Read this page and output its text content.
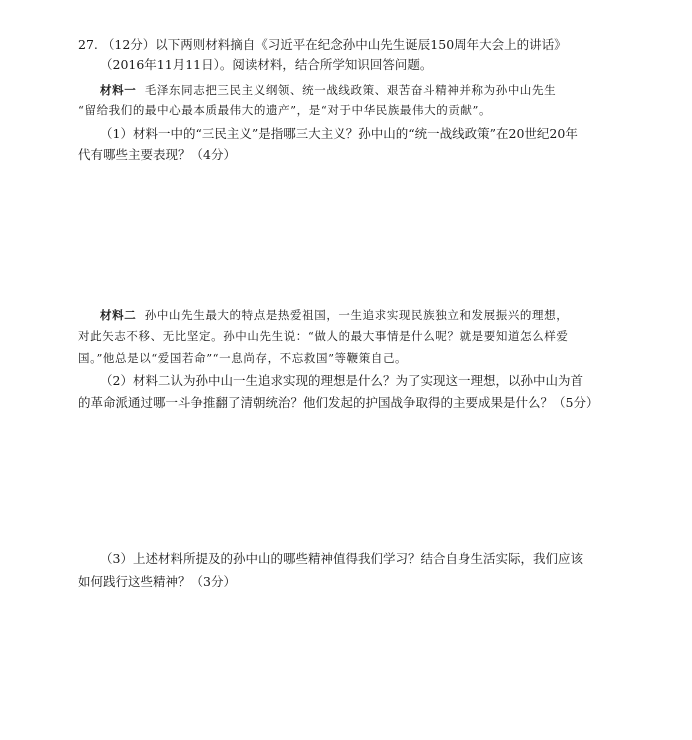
27. （12分）以下两则材料摘自《习近平在纪念孙中山先生诞辰150周年大会上的讲话》
（2016年11月11日）。阅读材料，结合所学知识回答问题。
材料一 毛泽东同志把三民主义纲领、统一战线政策、艰苦奋斗精神并称为孙中山先生
“留给我们的最中心最本质最伟大的遗产”，是“对于中华民族最伟大的贡献”。
（1）材料一中的“三民主义”是指哪三大主义？孙中山的“统一战线政策”在20世纪20年
代有哪些主要表现？（4分）
材料二 孙中山先生最大的特点是热爱祖国，一生追求实现民族独立和发展振兴的理想，
对此矢志不移、无比坚定。孙中山先生说：“做人的最大事情是什么呢？就是要知道怎么样爱
国。”他总是以“爱国若命”“一息尚存，不忘救国”等鞭策自己。
（2）材料二认为孙中山一生追求实现的理想是什么？为了实现这一理想，以孙中山为首
的革命派通过哪一斗争推翻了清朝统治？他们发起的护国战争取得的主要成果是什么？（5分）
（3）上述材料所提及的孙中山的哪些精神值得我们学习？结合自身生活实际，我们应该
如何践行这些精神？（3分）
